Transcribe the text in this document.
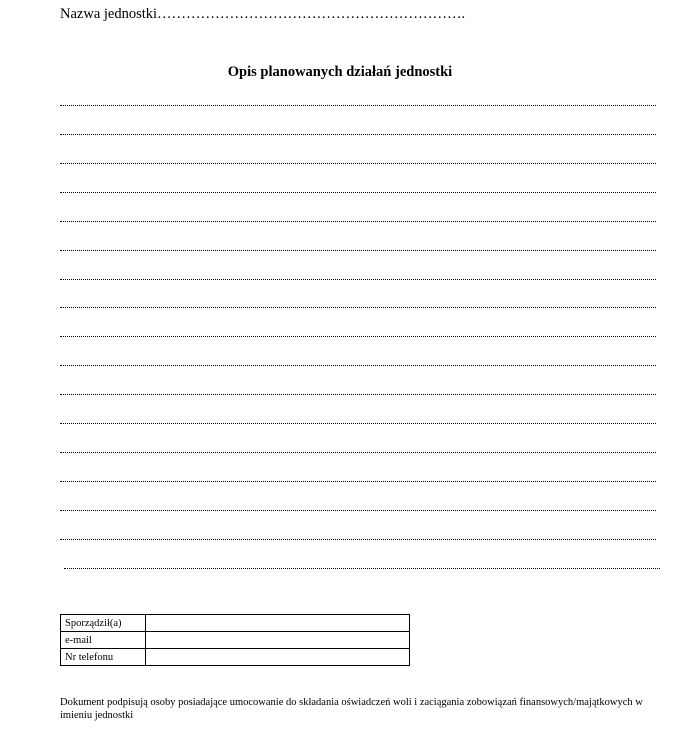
Nazwa jednostki……………………………………………………….
Opis planowanych działań jednostki
Sporządził(a)	
e-mail	
Nr telefonu	
Dokument podpisują osoby posiadające umocowanie do składania oświadczeń woli i zaciągania zobowiązań finansowych/majątkowych w imieniu jednostki
